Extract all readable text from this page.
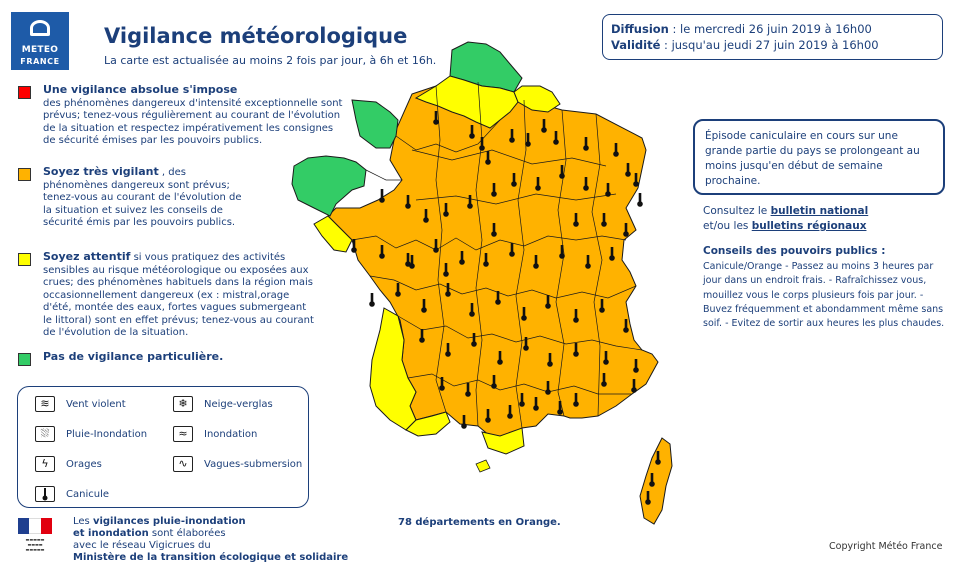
METEO
FRANCE
Vigilance météorologique
La carte est actualisée au moins 2 fois par jour, à 6h et 16h.
Diffusion : le mercredi 26 juin 2019 à 16h00
Validité : jusqu'au jeudi 27 juin 2019 à 16h00
Une vigilance absolue s'impose
des phénomènes dangereux d'intensité exceptionnelle sont prévus; tenez-vous régulièrement au courant de l'évolution de la situation et respectez impérativement les consignes de sécurité émises par les pouvoirs publics.
Soyez très vigilant , des phénomènes dangereux sont prévus; tenez-vous au courant de l'évolution de la situation et suivez les conseils de sécurité émis par les pouvoirs publics.
Soyez attentif si vous pratiquez des activités sensibles au risque météorologique ou exposées aux crues; des phénomènes habituels dans la région mais occasionnellement dangereux (ex : mistral,orage d'été, montée des eaux, fortes vagues submergeant le littoral) sont en effet prévus; tenez-vous au courant de l'évolution de la situation.
Pas de vigilance particulière.
≋	Vent violent	❄	Neige-verglas
⛆	Pluie-Inondation	≈	Inondation
ϟ	Orages	∿	Vagues-submersion
Canicule
▬▬▬▬▬
▬▬▬▬
▬▬▬▬▬
Les vigilances pluie-inondation
et inondation sont élaborées
avec le réseau Vigicrues du
Ministère de la transition écologique et solidaire
78 départements en Orange.
Épisode caniculaire en cours sur une grande partie du pays se prolongeant au moins jusqu'en début de semaine prochaine.
Consultez le bulletin national
et/ou les bulletins régionaux
Conseils des pouvoirs publics :
Canicule/Orange - Passez au moins 3 heures par jour dans un endroit frais. - Rafraîchissez vous, mouillez vous le corps plusieurs fois par jour. - Buvez fréquemment et abondamment même sans soif. - Evitez de sortir aux heures les plus chaudes.
Copyright Météo France
